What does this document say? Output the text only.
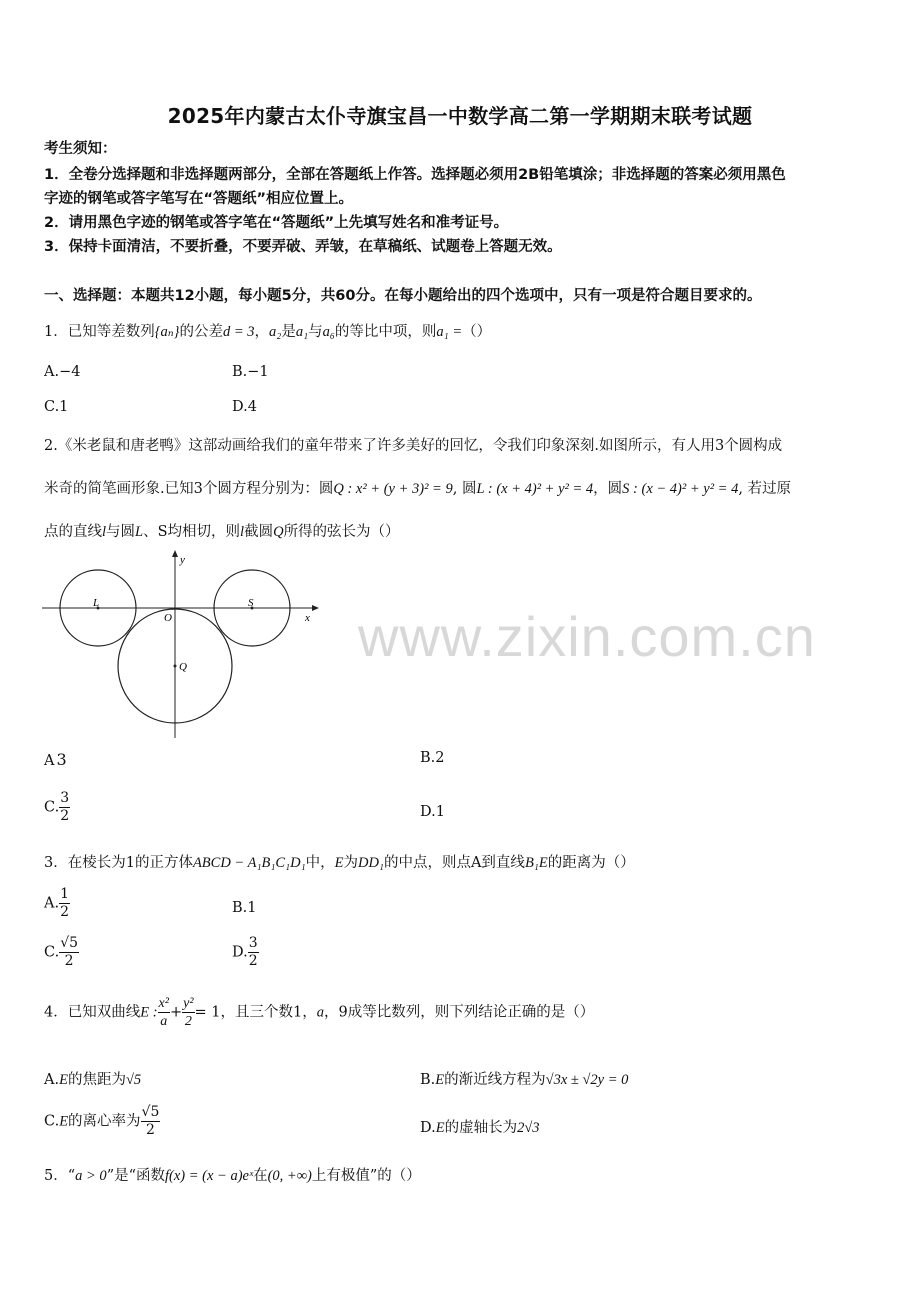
www.zixin.com.cn
2025年内蒙古太仆寺旗宝昌一中数学高二第一学期期末联考试题
考生须知：
1．全卷分选择题和非选择题两部分，全部在答题纸上作答。选择题必须用2B铅笔填涂；非选择题的答案必须用黑色
字迹的钢笔或答字笔写在“答题纸”相应位置上。
2．请用黑色字迹的钢笔或答字笔在“答题纸”上先填写姓名和准考证号。
3．保持卡面清洁，不要折叠，不要弄破、弄皱，在草稿纸、试题卷上答题无效。
一、选择题：本题共12小题，每小题5分，共60分。在每小题给出的四个选项中，只有一项是符合题目要求的。
1．已知等差数列{aₙ}的公差d = 3，a₂是a₁与a₆的等比中项，则a₁ =（）
A.−4	B.−1
C.1	D.4
2.《米老鼠和唐老鸭》这部动画给我们的童年带来了许多美好的回忆，令我们印象深刻.如图所示，有人用3个圆构成
米奇的简笔画形象.已知3个圆方程分别为：圆Q : x² + (y + 3)² = 9, 圆L : (x + 4)² + y² = 4，圆S : (x − 4)² + y² = 4, 若过原
点的直线l与圆L、S均相切，则l截圆Q所得的弦长为（）
y
x
O
L	S
Q
A 3	B.2
C. $\frac{3}{2}$	D.1
3．在棱长为1的正方体ABCD − A₁B₁C₁D₁中，E为DD₁的中点，则点A到直线B₁E的距离为（）
A. $\frac{1}{2}$	B.1
C. $\frac{√5}{2}$	D. $\frac{3}{2}$
4．已知双曲线E : $\frac{\text{x²}}{a} + \frac{\text{y²}}{2} = 1$，且三个数1，a，9成等比数列，则下列结论正确的是（）
A.E的焦距为√5	B.E的渐近线方程为√3x ± √2y = 0
C.E的离心率为 $\frac{√5}{2}$	D.E的虚轴长为2√3
5．“a > 0”是“函数f(x) = (x − a)eˣ在(0, +∞)上有极值”的（）
